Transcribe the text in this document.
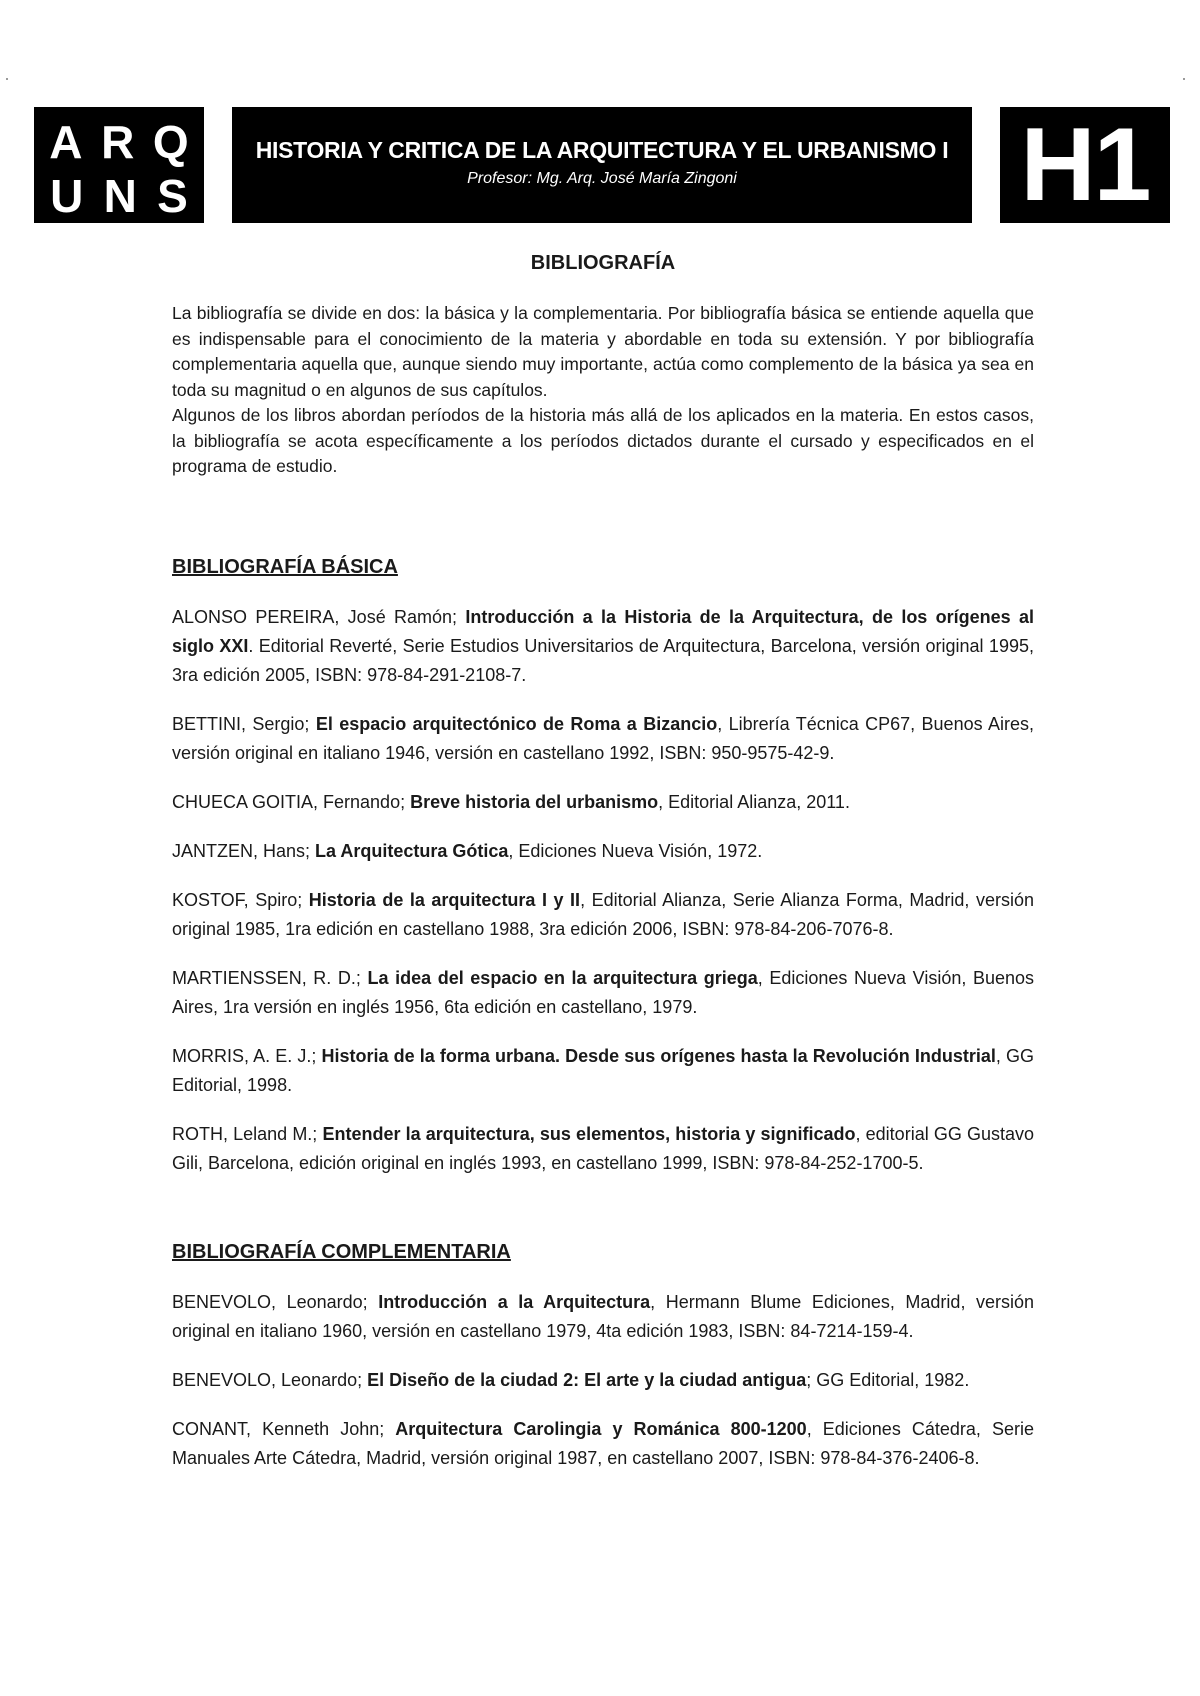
A R Q
U N S
HISTORIA Y CRITICA DE LA ARQUITECTURA Y EL URBANISMO I
Profesor: Mg. Arq. José María Zingoni	H1
BIBLIOGRAFÍA

La bibliografía se divide en dos: la básica y la complementaria. Por bibliografía básica se entiende aquella que es indispensable para el conocimiento de la materia y abordable en toda su extensión. Y por bibliografía complementaria aquella que, aunque siendo muy importante, actúa como complemento de la básica ya sea en toda su magnitud o en algunos de sus capítulos.

Algunos de los libros abordan períodos de la historia más allá de los aplicados en la materia. En estos casos, la bibliografía se acota específicamente a los períodos dictados durante el cursado y especificados en el programa de estudio.

BIBLIOGRAFÍA BÁSICA

ALONSO PEREIRA, José Ramón; Introducción a la Historia de la Arquitectura, de los orígenes al siglo XXI. Editorial Reverté, Serie Estudios Universitarios de Arquitectura, Barcelona, versión original 1995, 3ra edición 2005, ISBN: 978-84-291-2108-7.

BETTINI, Sergio; El espacio arquitectónico de Roma a Bizancio, Librería Técnica CP67, Buenos Aires, versión original en italiano 1946, versión en castellano 1992, ISBN: 950-9575-42-9.

CHUECA GOITIA, Fernando; Breve historia del urbanismo, Editorial Alianza, 2011.

JANTZEN, Hans; La Arquitectura Gótica, Ediciones Nueva Visión, 1972.

KOSTOF, Spiro; Historia de la arquitectura I y II, Editorial Alianza, Serie Alianza Forma, Madrid, versión original 1985, 1ra edición en castellano 1988, 3ra edición 2006, ISBN: 978-84-206-7076-8.

MARTIENSSEN, R. D.; La idea del espacio en la arquitectura griega, Ediciones Nueva Visión, Buenos Aires, 1ra versión en inglés 1956, 6ta edición en castellano, 1979.

MORRIS, A. E. J.; Historia de la forma urbana. Desde sus orígenes hasta la Revolución Industrial, GG Editorial, 1998.

ROTH, Leland M.; Entender la arquitectura, sus elementos, historia y significado, editorial GG Gustavo Gili, Barcelona, edición original en inglés 1993, en castellano 1999, ISBN: 978-84-252-1700-5.

BIBLIOGRAFÍA COMPLEMENTARIA

BENEVOLO, Leonardo; Introducción a la Arquitectura, Hermann Blume Ediciones, Madrid, versión original en italiano 1960, versión en castellano 1979, 4ta edición 1983, ISBN: 84-7214-159-4.

BENEVOLO, Leonardo; El Diseño de la ciudad 2: El arte y la ciudad antigua; GG Editorial, 1982.

CONANT, Kenneth John; Arquitectura Carolingia y Románica 800-1200, Ediciones Cátedra, Serie Manuales Arte Cátedra, Madrid, versión original 1987, en castellano 2007, ISBN: 978-84-376-2406-8.
